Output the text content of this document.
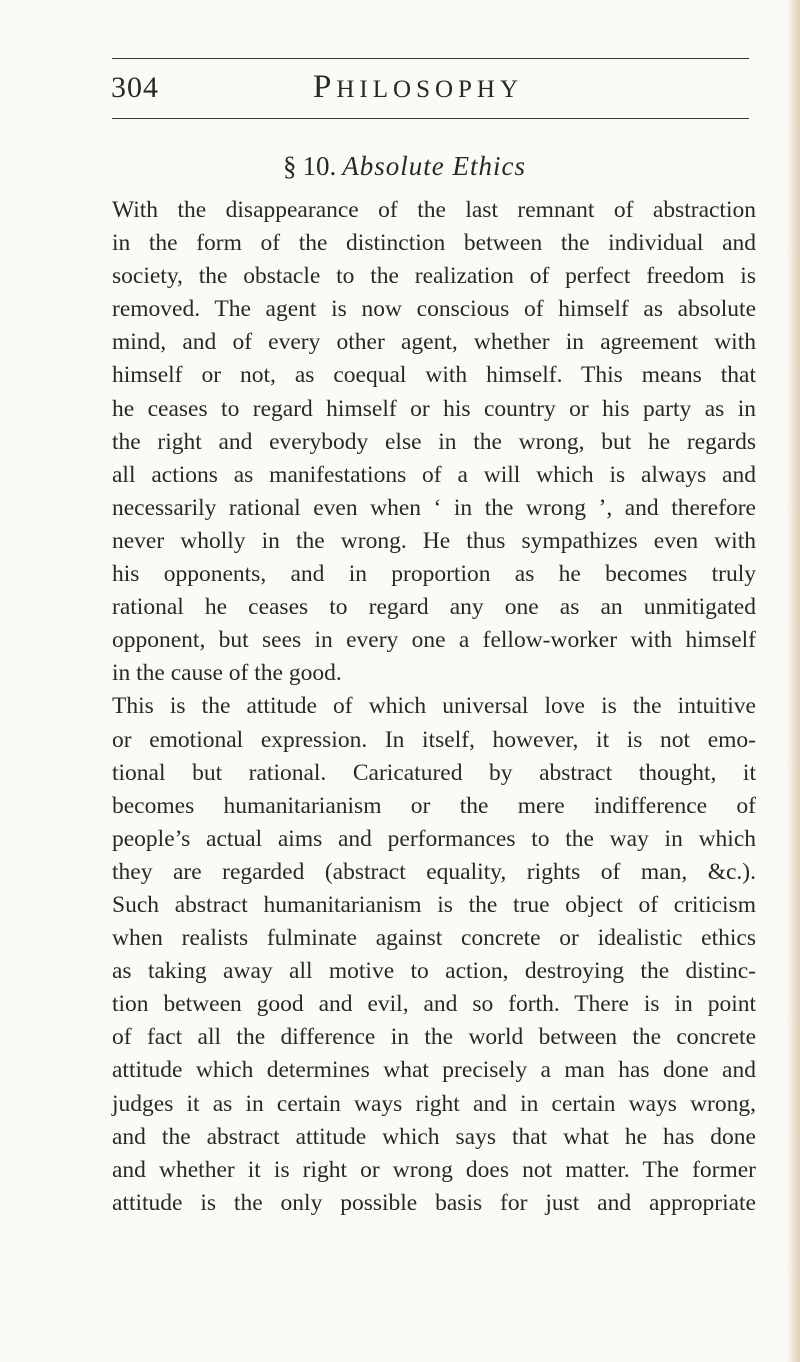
304	PHILOSOPHY
§ 10. Absolute Ethics
With the disappearance of the last remnant of abstraction
in the form of the distinction between the individual and
society, the obstacle to the realization of perfect freedom is
removed. The agent is now conscious of himself as absolute
mind, and of every other agent, whether in agreement with
himself or not, as coequal with himself. This means that
he ceases to regard himself or his country or his party as in
the right and everybody else in the wrong, but he regards
all actions as manifestations of a will which is always and
necessarily rational even when ‘ in the wrong ’, and therefore
never wholly in the wrong. He thus sympathizes even with
his opponents, and in proportion as he becomes truly
rational he ceases to regard any one as an unmitigated
opponent, but sees in every one a fellow-worker with himself
in the cause of the good.
This is the attitude of which universal love is the intuitive
or emotional expression. In itself, however, it is not emo-
tional but rational. Caricatured by abstract thought, it
becomes humanitarianism or the mere indifference of
people’s actual aims and performances to the way in which
they are regarded (abstract equality, rights of man, &c.).
Such abstract humanitarianism is the true object of criticism
when realists fulminate against concrete or idealistic ethics
as taking away all motive to action, destroying the distinc-
tion between good and evil, and so forth. There is in point
of fact all the difference in the world between the concrete
attitude which determines what precisely a man has done and
judges it as in certain ways right and in certain ways wrong,
and the abstract attitude which says that what he has done
and whether it is right or wrong does not matter. The former
attitude is the only possible basis for just and appropriate
